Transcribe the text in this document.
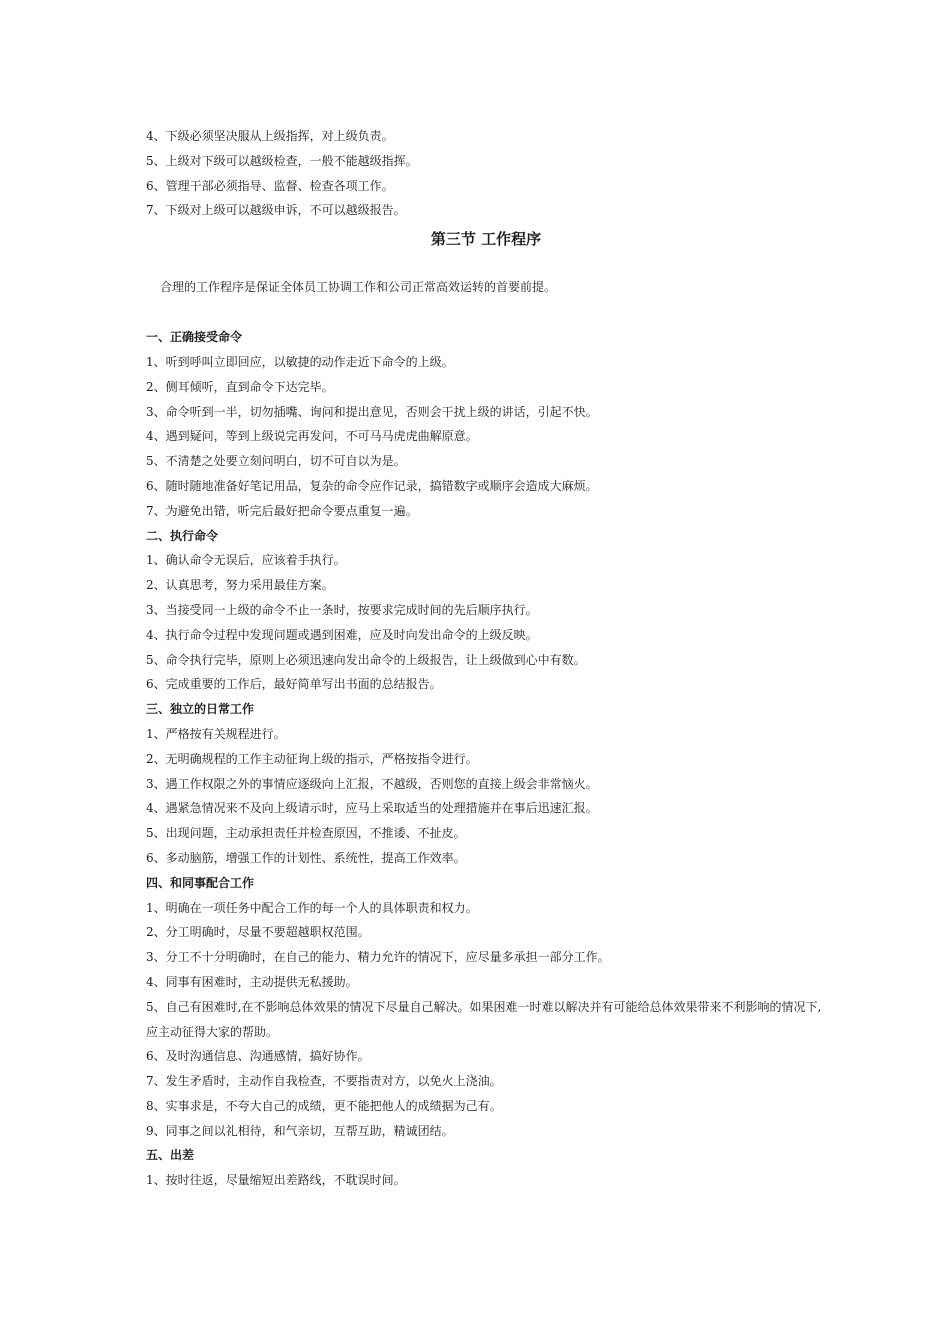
4、下级必须坚决服从上级指挥，对上级负责。
5、上级对下级可以越级检查，一般不能越级指挥。
6、管理干部必须指导、监督、检查各项工作。
7、下级对上级可以越级申诉，不可以越级报告。
第三节 工作程序
合理的工作程序是保证全体员工协调工作和公司正常高效运转的首要前提。
一、正确接受命令
1、听到呼叫立即回应，以敏捷的动作走近下命令的上级。
2、侧耳倾听，直到命令下达完毕。
3、命令听到一半，切勿插嘴、询问和提出意见，否则会干扰上级的讲话，引起不快。
4、遇到疑问，等到上级说完再发问，不可马马虎虎曲解原意。
5、不清楚之处要立刻问明白，切不可自以为是。
6、随时随地准备好笔记用品，复杂的命令应作记录，搞错数字或顺序会造成大麻烦。
7、为避免出错，听完后最好把命令要点重复一遍。
二、执行命令
1、确认命令无误后，应该着手执行。
2、认真思考，努力采用最佳方案。
3、当接受同一上级的命令不止一条时，按要求完成时间的先后顺序执行。
4、执行命令过程中发现问题或遇到困难，应及时向发出命令的上级反映。
5、命令执行完毕，原则上必须迅速向发出命令的上级报告，让上级做到心中有数。
6、完成重要的工作后，最好简单写出书面的总结报告。
三、独立的日常工作
1、严格按有关规程进行。
2、无明确规程的工作主动征询上级的指示，严格按指令进行。
3、遇工作权限之外的事情应逐级向上汇报，不越级，否则您的直接上级会非常恼火。
4、遇紧急情况来不及向上级请示时，应马上采取适当的处理措施并在事后迅速汇报。
5、出现问题，主动承担责任并检查原因，不推诿、不扯皮。
6、多动脑筋，增强工作的计划性、系统性，提高工作效率。
四、和同事配合工作
1、明确在一项任务中配合工作的每一个人的具体职责和权力。
2、分工明确时，尽量不要超越职权范围。
3、分工不十分明确时，在自己的能力、精力允许的情况下，应尽量多承担一部分工作。
4、同事有困难时，主动提供无私援助。
5、自己有困难时,在不影响总体效果的情况下尽量自己解决。如果困难一时难以解决并有可能给总体效果带来不利影响的情况下,应主动征得大家的帮助。
6、及时沟通信息、沟通感情，搞好协作。
7、发生矛盾时，主动作自我检查，不要指责对方，以免火上浇油。
8、实事求是，不夸大自己的成绩，更不能把他人的成绩据为己有。
9、同事之间以礼相待，和气亲切，互帮互助，精诚团结。
五、出差
1、按时往返，尽量缩短出差路线，不耽误时间。
